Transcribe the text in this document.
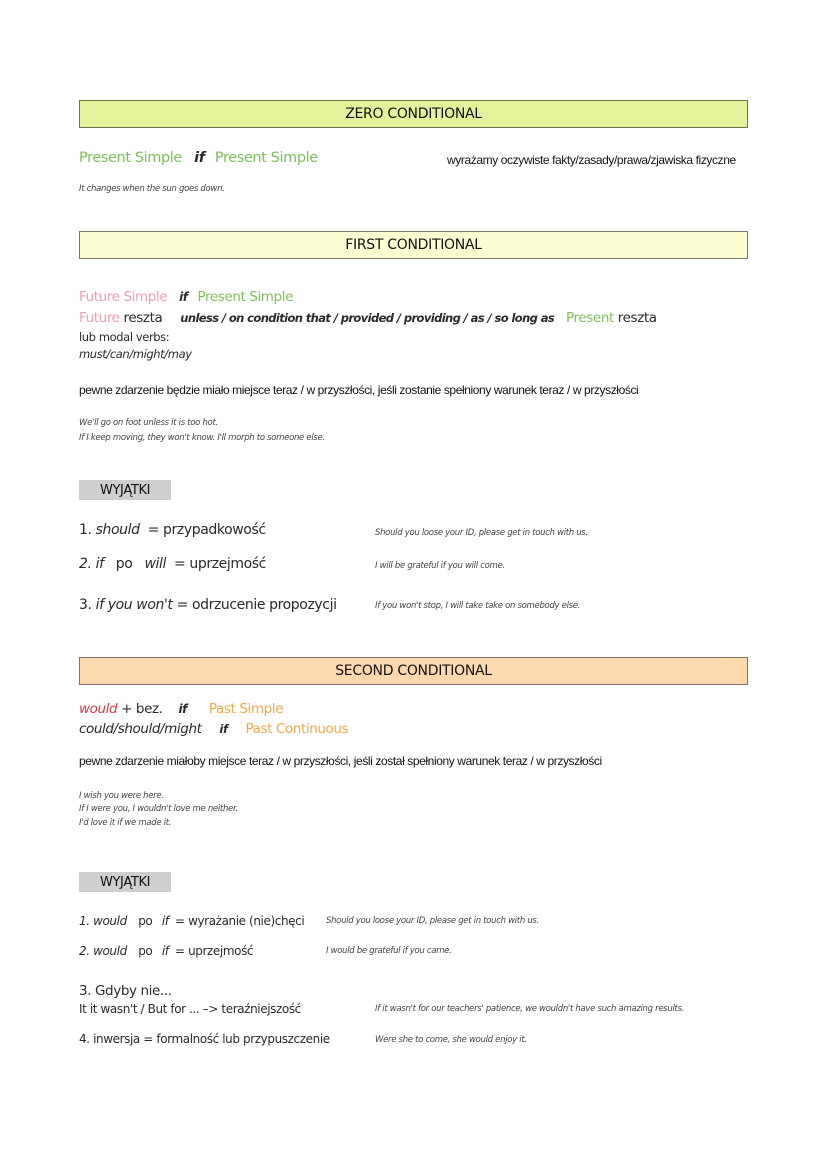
ZERO CONDITIONAL
Present Simple if Present Simple	wyrażamy oczywiste fakty/zasady/prawa/zjawiska fizyczne
It changes when the sun goes down.
FIRST CONDITIONAL
Future Simple if Present Simple
Future reszta unless / on condition that / provided / providing / as / so long as Present reszta
lub modal verbs:
must/can/might/may
pewne zdarzenie będzie miało miejsce teraz / w przyszłości, jeśli zostanie spełniony warunek teraz / w przyszłości
We'll go on foot unless it is too hot.
If I keep moving, they won't know. I'll morph to someone else.
WYJĄTKI
1. should = przypadkowość	Should you loose your ID, please get in touch with us.
2. if po will = uprzejmość	I will be grateful if you will come.
3. if you won't = odrzucenie propozycji	If you won't stop, I will take take on somebody else.
SECOND CONDITIONAL
would + bez. if Past Simple
could/should/might if Past Continuous
pewne zdarzenie miałoby miejsce teraz / w przyszłości, jeśli został spełniony warunek teraz / w przyszłości
I wish you were here.
If I were you, I wouldn't love me neither.
I'd love it if we made it.
WYJĄTKI
1. would po if = wyrażanie (nie)chęci	Should you loose your ID, please get in touch with us.
2. would po if = uprzejmość	I would be grateful if you came.
3. Gdyby nie...
It it wasn't / But for ... –> teraźniejszość	If it wasn't for our teachers' patience, we wouldn't have such amazing results.
4. inwersja = formalność lub przypuszczenie	Were she to come, she would enjoy it.
